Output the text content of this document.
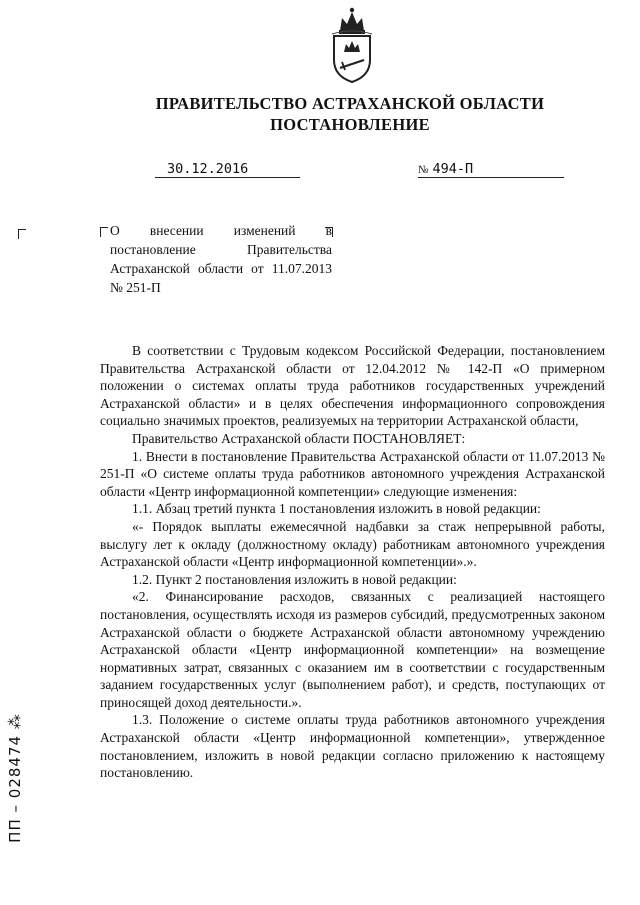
ПРАВИТЕЛЬСТВО АСТРАХАНСКОЙ ОБЛАСТИ
ПОСТАНОВЛЕНИЕ
30.12.2016	№ 494-П
О внесении изменений в постановление Правительства Астраханской области от 11.07.2013 № 251-П

В соответствии с Трудовым кодексом Российской Федерации, постановлением Правительства Астраханской области от 12.04.2012 № 142-П «О примерном положении о системах оплаты труда работников государственных учреждений Астраханской области» и в целях обеспечения информационного сопровождения социально значимых проектов, реализуемых на территории Астраханской области,

Правительство Астраханской области ПОСТАНОВЛЯЕТ:

1. Внести в постановление Правительства Астраханской области от 11.07.2013 № 251-П «О системе оплаты труда работников автономного учреждения Астраханской области «Центр информационной компетенции» следующие изменения:

1.1. Абзац третий пункта 1 постановления изложить в новой редакции:

«- Порядок выплаты ежемесячной надбавки за стаж непрерывной работы, выслугу лет к окладу (должностному окладу) работникам автономного учреждения Астраханской области «Центр информационной компетенции».».

1.2. Пункт 2 постановления изложить в новой редакции:

«2. Финансирование расходов, связанных с реализацией настоящего постановления, осуществлять исходя из размеров субсидий, предусмотренных законом Астраханской области о бюджете Астраханской области автономному учреждению Астраханской области «Центр информационной компетенции» на возмещение нормативных затрат, связанных с оказанием им в соответствии с государственным заданием государственных услуг (выполнением работ), и средств, поступающих от приносящей доход деятельности.».

1.3. Положение о системе оплаты труда работников автономного учреждения Астраханской области «Центр информационной компетенции», утвержденное постановлением, изложить в новой редакции согласно приложению к настоящему постановлению.

ПП – 028474 ⁂
